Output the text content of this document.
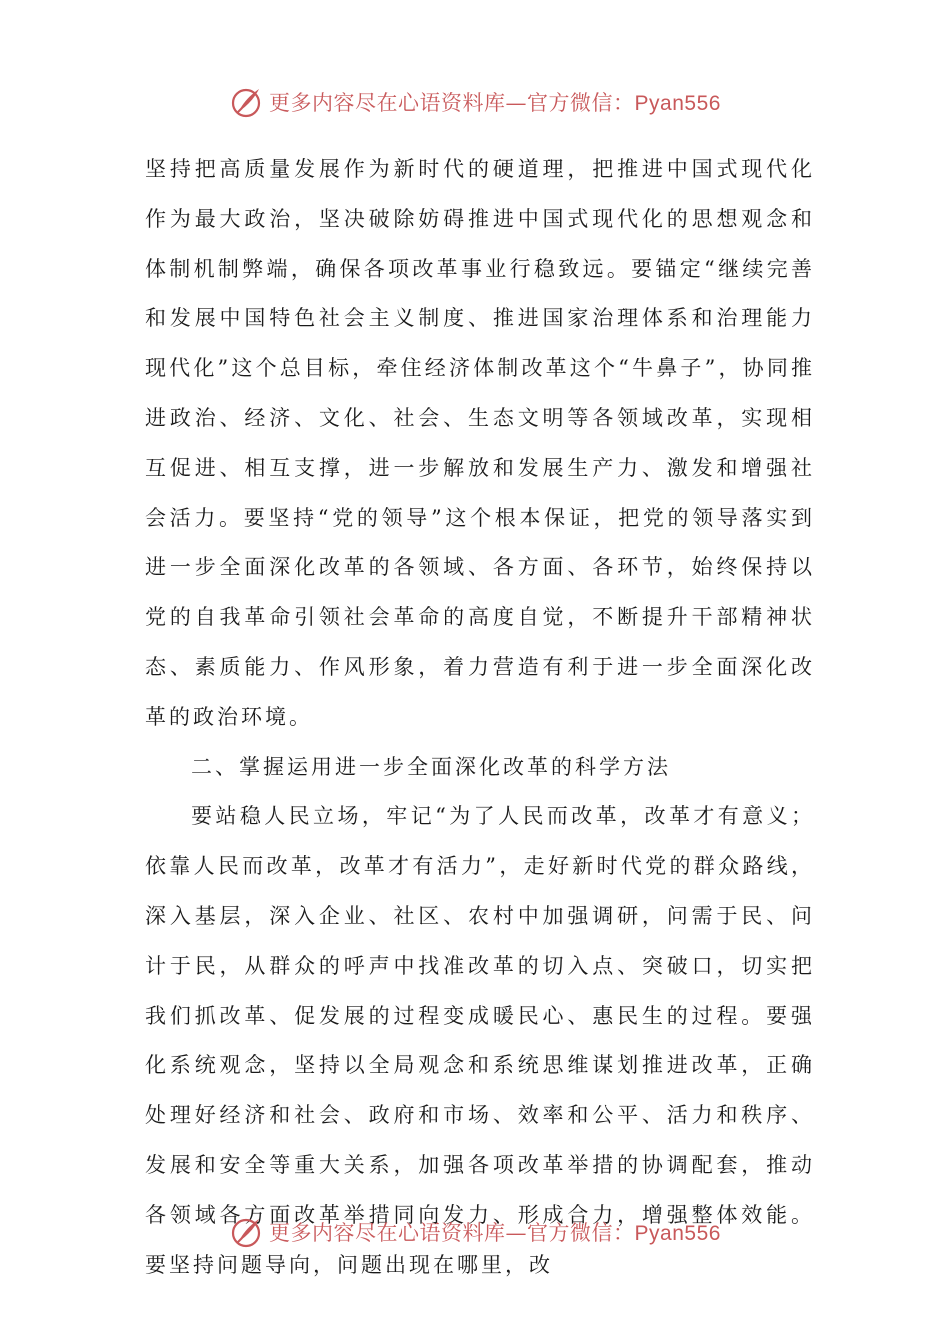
更多内容尽在心语资料库—官方微信：Pyan556

坚持把高质量发展作为新时代的硬道理，把推进中国式现代化作为最大政治，坚决破除妨碍推进中国式现代化的思想观念和体制机制弊端，确保各项改革事业行稳致远。要锚定“继续完善和发展中国特色社会主义制度、推进国家治理体系和治理能力现代化”这个总目标，牵住经济体制改革这个“牛鼻子”，协同推进政治、经济、文化、社会、生态文明等各领域改革，实现相互促进、相互支撑，进一步解放和发展生产力、激发和增强社会活力。要坚持“党的领导”这个根本保证，把党的领导落实到进一步全面深化改革的各领域、各方面、各环节，始终保持以党的自我革命引领社会革命的高度自觉，不断提升干部精神状态、素质能力、作风形象，着力营造有利于进一步全面深化改革的政治环境。

二、掌握运用进一步全面深化改革的科学方法

要站稳人民立场，牢记“为了人民而改革，改革才有意义；依靠人民而改革，改革才有活力”，走好新时代党的群众路线，深入基层，深入企业、社区、农村中加强调研，问需于民、问计于民，从群众的呼声中找准改革的切入点、突破口，切实把我们抓改革、促发展的过程变成暖民心、惠民生的过程。要强化系统观念，坚持以全局观念和系统思维谋划推进改革，正确处理好经济和社会、政府和市场、效率和公平、活力和秩序、发展和安全等重大关系，加强各项改革举措的协调配套，推动各领域各方面改革举措同向发力、形成合力，增强整体效能。要坚持问题导向，问题出现在哪里，改

更多内容尽在心语资料库—官方微信：Pyan556
